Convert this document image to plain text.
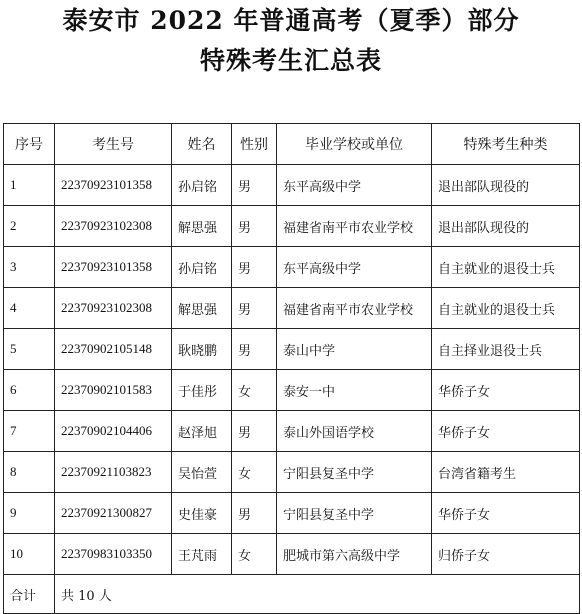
泰安市 2022 年普通高考（夏季）部分
特殊考生汇总表
序号	考生号	姓名	性别	毕业学校或单位	特殊考生种类
1	22370923101358	孙启铭	男	东平高级中学	退出部队现役的
2	22370923102308	解思强	男	福建省南平市农业学校	退出部队现役的
3	22370923101358	孙启铭	男	东平高级中学	自主就业的退役士兵
4	22370923102308	解思强	男	福建省南平市农业学校	自主就业的退役士兵
5	22370902105148	耿晓鹏	男	泰山中学	自主择业退役士兵
6	22370902101583	于佳彤	女	泰安一中	华侨子女
7	22370902104406	赵泽旭	男	泰山外国语学校	华侨子女
8	22370921103823	吴怡萱	女	宁阳县复圣中学	台湾省籍考生
9	22370921300827	史佳豪	男	宁阳县复圣中学	华侨子女
10	22370983103350	王芃雨	女	肥城市第六高级中学	归侨子女
合计	共 10 人				
